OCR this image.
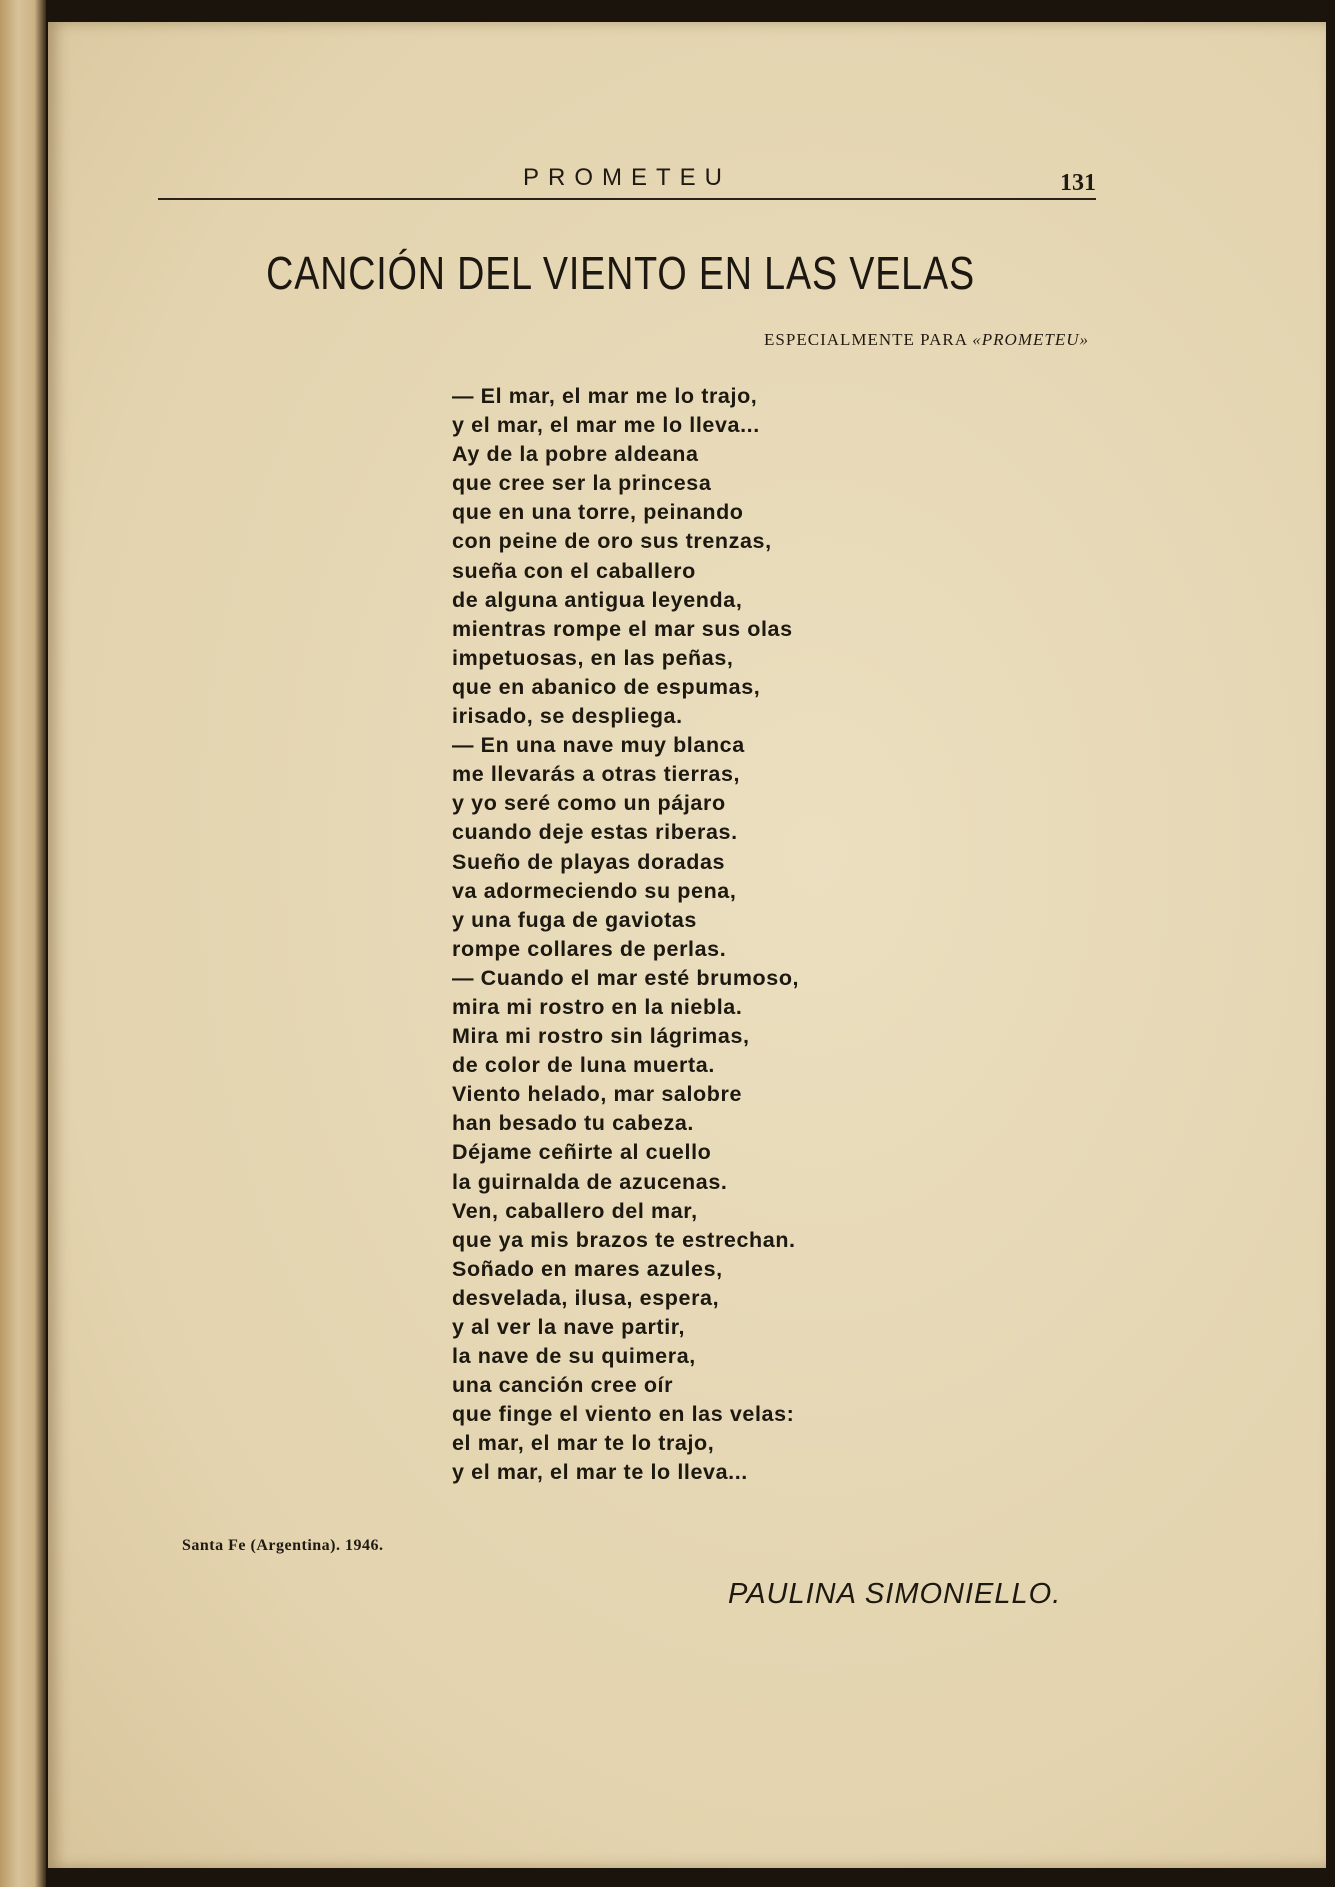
PROMETEU	131
CANCIÓN DEL VIENTO EN LAS VELAS
ESPECIALMENTE PARA «PROMETEU»
— El mar, el mar me lo trajo,
y el mar, el mar me lo lleva...
Ay de la pobre aldeana
que cree ser la princesa
que en una torre, peinando
con peine de oro sus trenzas,
sueña con el caballero
de alguna antigua leyenda,
mientras rompe el mar sus olas
impetuosas, en las peñas,
que en abanico de espumas,
irisado, se despliega.
— En una nave muy blanca
me llevarás a otras tierras,
y yo seré como un pájaro
cuando deje estas riberas.
Sueño de playas doradas
va adormeciendo su pena,
y una fuga de gaviotas
rompe collares de perlas.
— Cuando el mar esté brumoso,
mira mi rostro en la niebla.
Mira mi rostro sin lágrimas,
de color de luna muerta.
Viento helado, mar salobre
han besado tu cabeza.
Déjame ceñirte al cuello
la guirnalda de azucenas.
Ven, caballero del mar,
que ya mis brazos te estrechan.
Soñado en mares azules,
desvelada, ilusa, espera,
y al ver la nave partir,
la nave de su quimera,
una canción cree oír
que finge el viento en las velas:
el mar, el mar te lo trajo,
y el mar, el mar te lo lleva...
Santa Fe (Argentina). 1946.
PAULINA SIMONIELLO.
